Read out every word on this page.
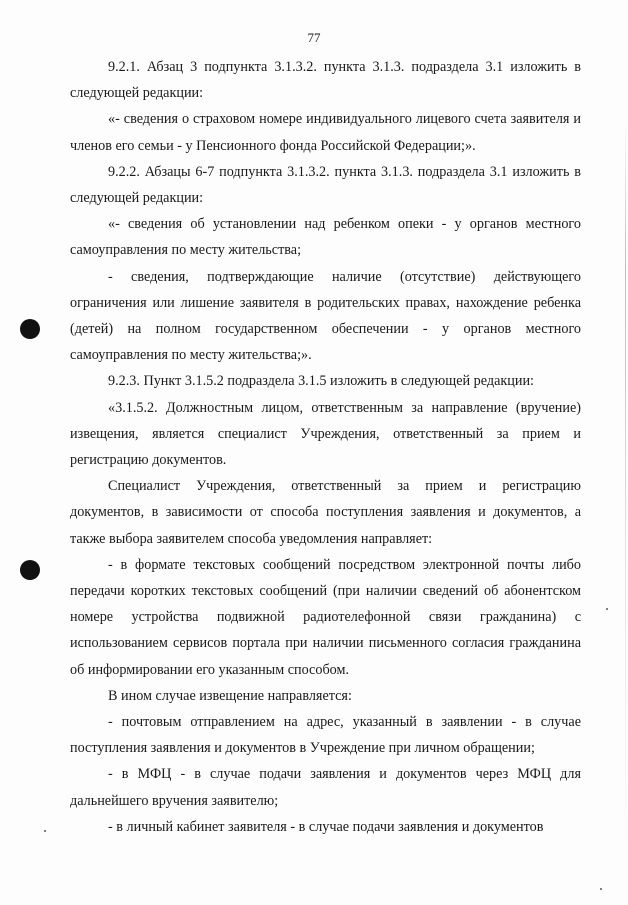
77

9.2.1. Абзац 3 подпункта 3.1.3.2. пункта 3.1.3. подраздела 3.1 изложить в следующей редакции:

«- сведения о страховом номере индивидуального лицевого счета заявителя и членов его семьи - у Пенсионного фонда Российской Федерации;».

9.2.2. Абзацы 6-7 подпункта 3.1.3.2. пункта 3.1.3. подраздела 3.1 изложить в следующей редакции:

«- сведения об установлении над ребенком опеки - у органов местного самоуправления по месту жительства;

- сведения, подтверждающие наличие (отсутствие) действующего ограничения или лишение заявителя в родительских правах, нахождение ребенка (детей) на полном государственном обеспечении - у органов местного самоуправления по месту жительства;».

9.2.3. Пункт 3.1.5.2 подраздела 3.1.5 изложить в следующей редакции:

«3.1.5.2. Должностным лицом, ответственным за направление (вручение) извещения, является специалист Учреждения, ответственный за прием и регистрацию документов.

Специалист Учреждения, ответственный за прием и регистрацию документов, в зависимости от способа поступления заявления и документов, а также выбора заявителем способа уведомления направляет:

- в формате текстовых сообщений посредством электронной почты либо передачи коротких текстовых сообщений (при наличии сведений об абонентском номере устройства подвижной радиотелефонной связи гражданина) с использованием сервисов портала при наличии письменного согласия гражданина об информировании его указанным способом.

В ином случае извещение направляется:

- почтовым отправлением на адрес, указанный в заявлении - в случае поступления заявления и документов в Учреждение при личном обращении;

- в МФЦ - в случае подачи заявления и документов через МФЦ для дальнейшего вручения заявителю;

- в личный кабинет заявителя - в случае подачи заявления и документов
